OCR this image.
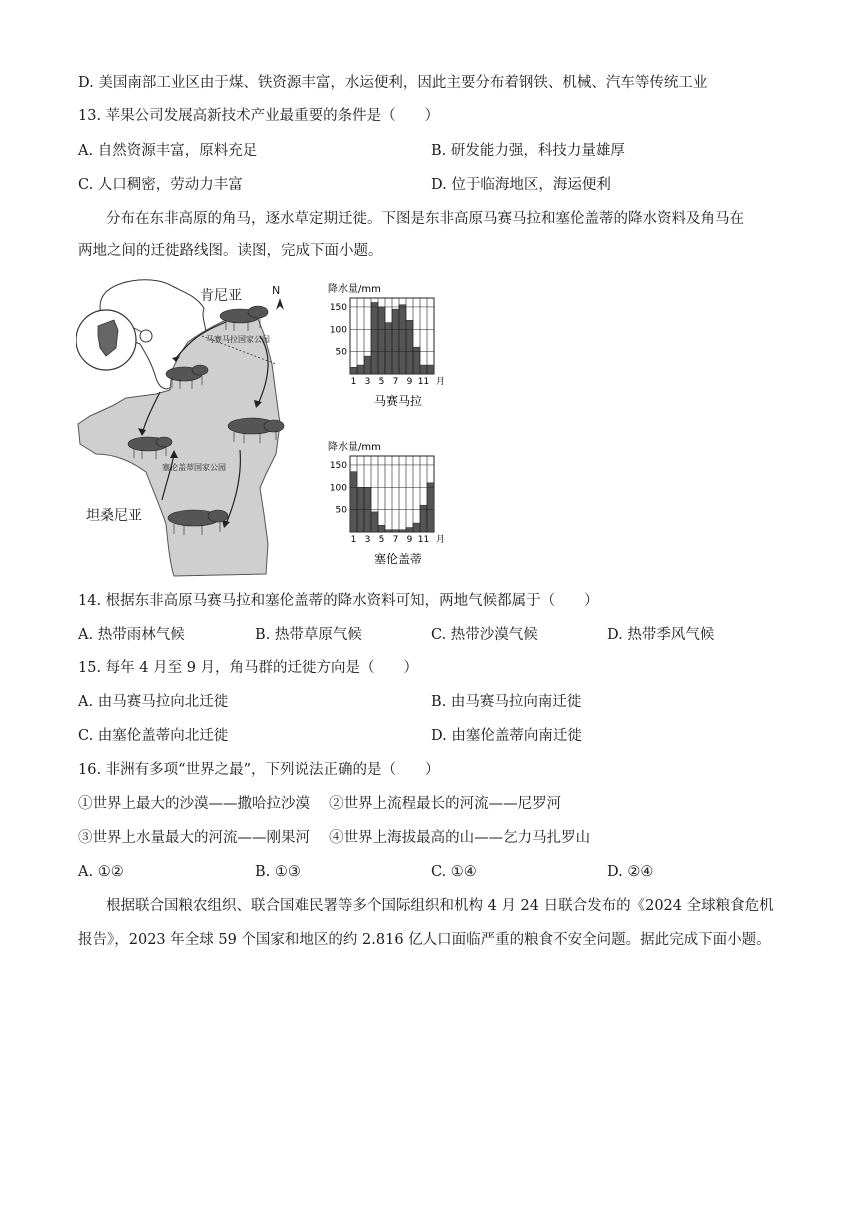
D. 美国南部工业区由于煤、铁资源丰富，水运便利，因此主要分布着钢铁、机械、汽车等传统工业
13. 苹果公司发展高新技术产业最重要的条件是（　　）
A. 自然资源丰富，原料充足	B. 研发能力强，科技力量雄厚
C. 人口稠密，劳动力丰富	D. 位于临海地区，海运便利
分布在东非高原的角马，逐水草定期迁徙。下图是东非高原马赛马拉和塞伦盖蒂的降水资料及角马在
两地之间的迁徙路线图。读图，完成下面小题。
肯尼亚	N
马赛马拉国家公园
塞伦盖蒂国家公园
坦桑尼亚
降水量/mm
马赛马拉
50
100
150
1 3 5 7 9 11 月
降水量/mm
塞伦盖蒂
50
100
150
1 3 5 7 9 11 月
14. 根据东非高原马赛马拉和塞伦盖蒂的降水资料可知，两地气候都属于（　　）
A. 热带雨林气候	B. 热带草原气候	C. 热带沙漠气候	D. 热带季风气候
15. 每年 4 月至 9 月，角马群的迁徙方向是（　　）
A. 由马赛马拉向北迁徙	B. 由马赛马拉向南迁徙
C. 由塞伦盖蒂向北迁徙	D. 由塞伦盖蒂向南迁徙
16. 非洲有多项“世界之最”，下列说法正确的是（　　）
①世界上最大的沙漠——撒哈拉沙漠　 ②世界上流程最长的河流——尼罗河
③世界上水量最大的河流——刚果河　 ④世界上海拔最高的山——乞力马扎罗山
A. ①②	B. ①③	C. ①④	D. ②④
根据联合国粮农组织、联合国难民署等多个国际组织和机构 4 月 24 日联合发布的《2024 全球粮食危机
报告》，2023 年全球 59 个国家和地区的约 2.816 亿人口面临严重的粮食不安全问题。据此完成下面小题。
